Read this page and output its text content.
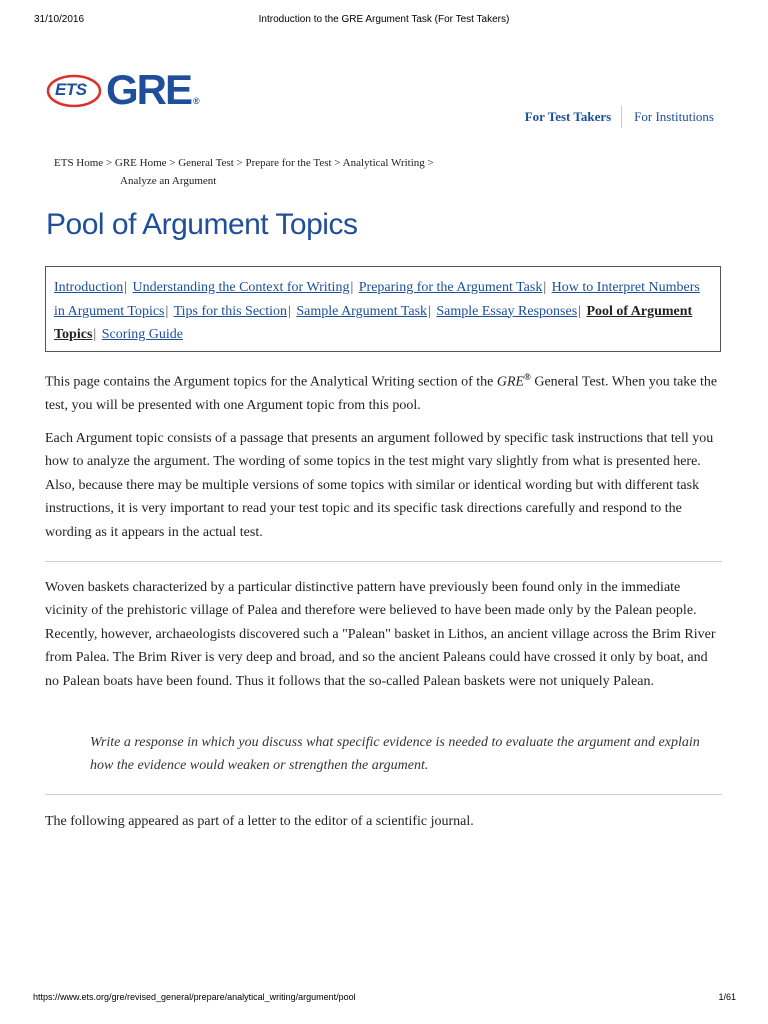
31/10/2016	Introduction to the GRE Argument Task (For Test Takers)
ETS GRE ®
For Test Takers	For Institutions
ETS Home > GRE Home > General Test > Prepare for the Test > Analytical Writing >
Analyze an Argument
Pool of Argument Topics
Introduction| Understanding the Context for Writing| Preparing for the Argument Task| How to Interpret Numbers in Argument Topics| Tips for this Section| Sample Argument Task| Sample Essay Responses| Pool of Argument Topics| Scoring Guide

This page contains the Argument topics for the Analytical Writing section of the GRE® General Test. When you take the test, you will be presented with one Argument topic from this pool.

Each Argument topic consists of a passage that presents an argument followed by specific task instructions that tell you how to analyze the argument. The wording of some topics in the test might vary slightly from what is presented here. Also, because there may be multiple versions of some topics with similar or identical wording but with different task instructions, it is very important to read your test topic and its specific task directions carefully and respond to the wording as it appears in the actual test.

Woven baskets characterized by a particular distinctive pattern have previously been found only in the immediate vicinity of the prehistoric village of Palea and therefore were believed to have been made only by the Palean people. Recently, however, archaeologists discovered such a "Palean" basket in Lithos, an ancient village across the Brim River from Palea. The Brim River is very deep and broad, and so the ancient Paleans could have crossed it only by boat, and no Palean boats have been found. Thus it follows that the so-called Palean baskets were not uniquely Palean.

Write a response in which you discuss what specific evidence is needed to evaluate the argument and explain how the evidence would weaken or strengthen the argument.

The following appeared as part of a letter to the editor of a scientific journal.

https://www.ets.org/gre/revised_general/prepare/analytical_writing/argument/pool	1/61
